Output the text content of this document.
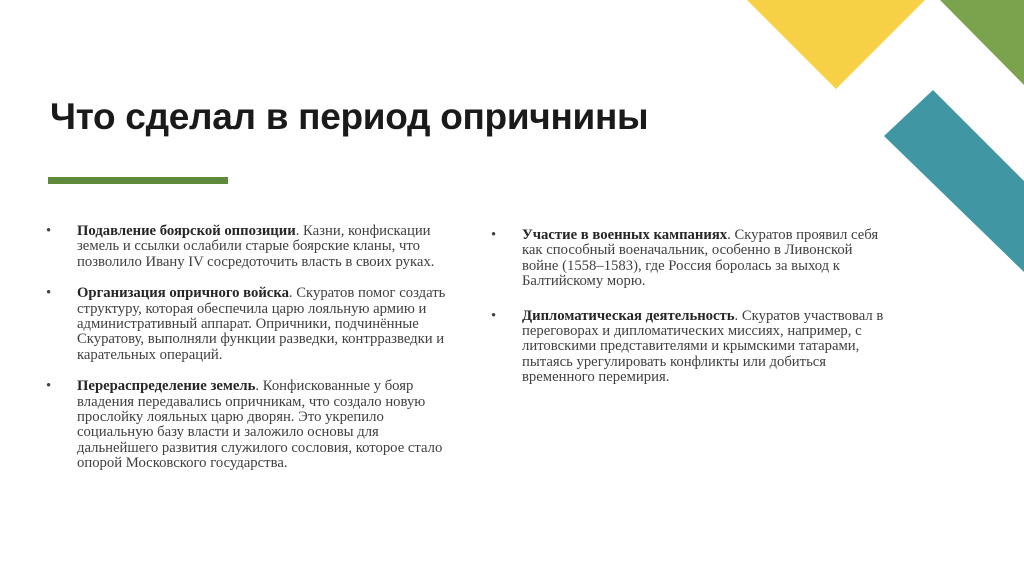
Что сделал в период опричнины
•	Подавление боярской оппозиции. Казни, конфискации земель и ссылки ослабили старые боярские кланы, что позволило Ивану IV сосредоточить власть в своих руках.
•	Организация опричного войска. Скуратов помог создать структуру, которая обеспечила царю лояльную армию и административный аппарат. Опричники, подчинённые Скуратову, выполняли функции разведки, контрразведки и карательных операций.
•	Перераспределение земель. Конфискованные у бояр владения передавались опричникам, что создало новую прослойку лояльных царю дворян. Это укрепило социальную базу власти и заложило основы для дальнейшего развития служилого сословия, которое стало опорой Московского государства.
•	Участие в военных кампаниях. Скуратов проявил себя как способный военачальник, особенно в Ливонской войне (1558–1583), где Россия боролась за выход к Балтийскому морю.
•	Дипломатическая деятельность. Скуратов участвовал в переговорах и дипломатических миссиях, например, с литовскими представителями и крымскими татарами, пытаясь урегулировать конфликты или добиться временного перемирия.
